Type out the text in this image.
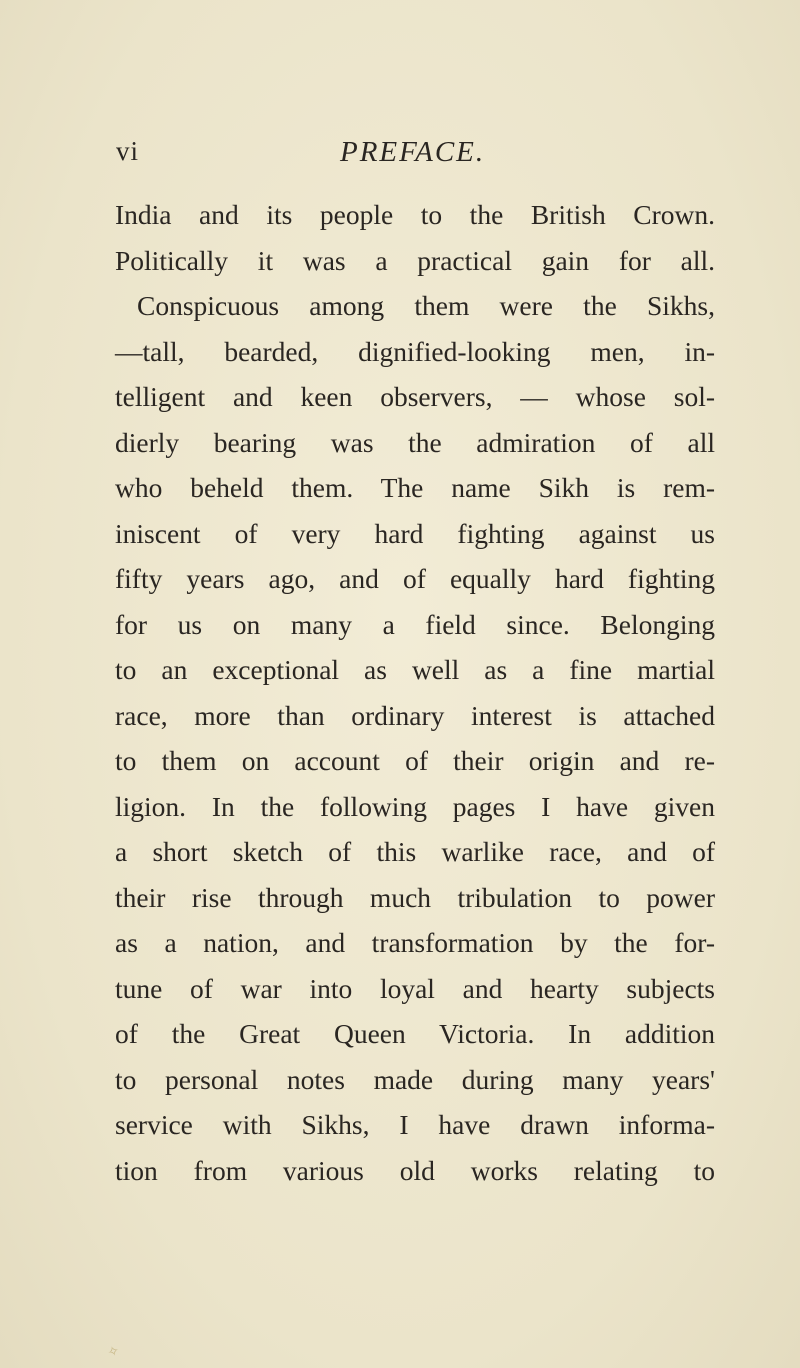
vi	PREFACE.
India and its people to the British Crown.
Politically it was a practical gain for all.
Conspicuous among them were the Sikhs,
—tall, bearded, dignified-looking men, in-
telligent and keen observers, — whose sol-
dierly bearing was the admiration of all
who beheld them. The name Sikh is rem-
iniscent of very hard fighting against us
fifty years ago, and of equally hard fighting
for us on many a field since. Belonging
to an exceptional as well as a fine martial
race, more than ordinary interest is attached
to them on account of their origin and re-
ligion. In the following pages I have given
a short sketch of this warlike race, and of
their rise through much tribulation to power
as a nation, and transformation by the for-
tune of war into loyal and hearty subjects
of the Great Queen Victoria. In addition
to personal notes made during many years'
service with Sikhs, I have drawn informa-
tion from various old works relating to
✧
